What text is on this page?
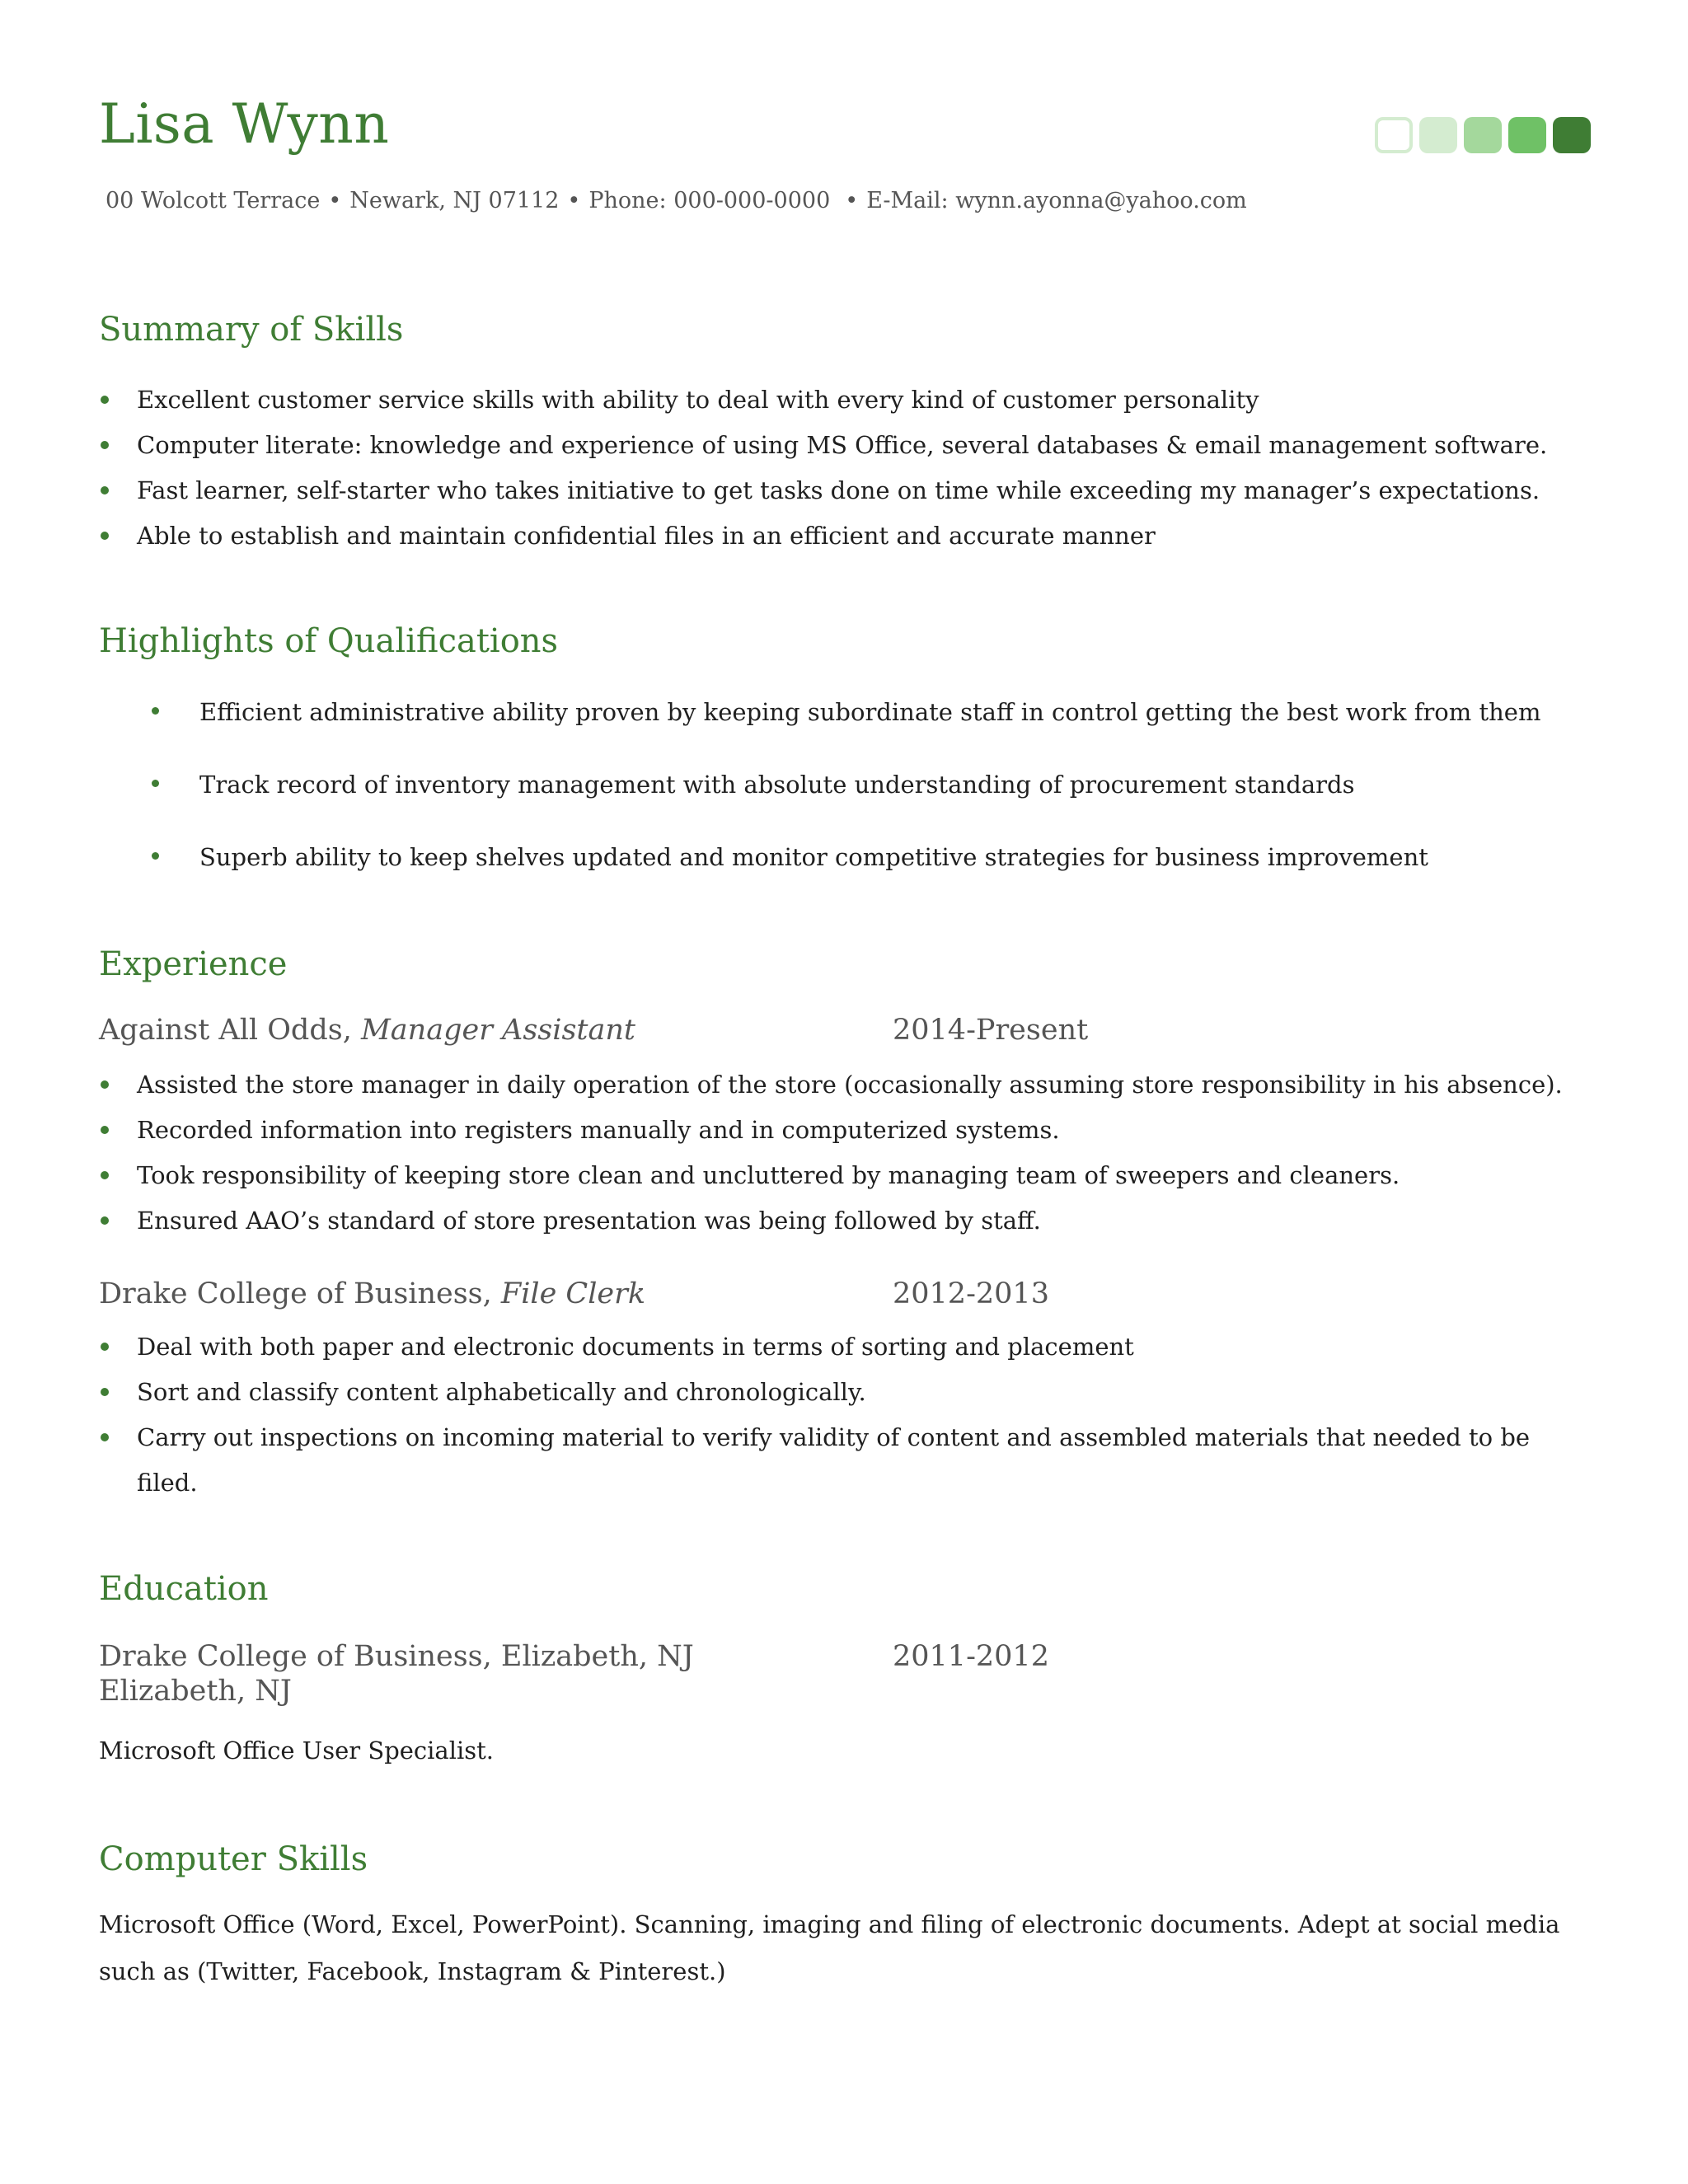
Lisa Wynn
00 Wolcott Terrace • Newark, NJ 07112 • Phone: 000-000-0000 • E-Mail: wynn.ayonna@yahoo.com
Summary of Skills
Excellent customer service skills with ability to deal with every kind of customer personality
Computer literate: knowledge and experience of using MS Office, several databases & email management software.
Fast learner, self-starter who takes initiative to get tasks done on time while exceeding my manager’s expectations.
Able to establish and maintain confidential files in an efficient and accurate manner
Highlights of Qualifications
Efficient administrative ability proven by keeping subordinate staff in control getting the best work from them
Track record of inventory management with absolute understanding of procurement standards
Superb ability to keep shelves updated and monitor competitive strategies for business improvement
Experience
Against All Odds, Manager Assistant	2014-Present
Assisted the store manager in daily operation of the store (occasionally assuming store responsibility in his absence).
Recorded information into registers manually and in computerized systems.
Took responsibility of keeping store clean and uncluttered by managing team of sweepers and cleaners.
Ensured AAO’s standard of store presentation was being followed by staff.
Drake College of Business, File Clerk	2012-2013
Deal with both paper and electronic documents in terms of sorting and placement
Sort and classify content alphabetically and chronologically.
Carry out inspections on incoming material to verify validity of content and assembled materials that needed to be filed.
Education
Drake College of Business, Elizabeth, NJ	2011-2012
Elizabeth, NJ
Microsoft Office User Specialist.
Computer Skills
Microsoft Office (Word, Excel, PowerPoint). Scanning, imaging and filing of electronic documents. Adept at social media such as (Twitter, Facebook, Instagram & Pinterest.)
